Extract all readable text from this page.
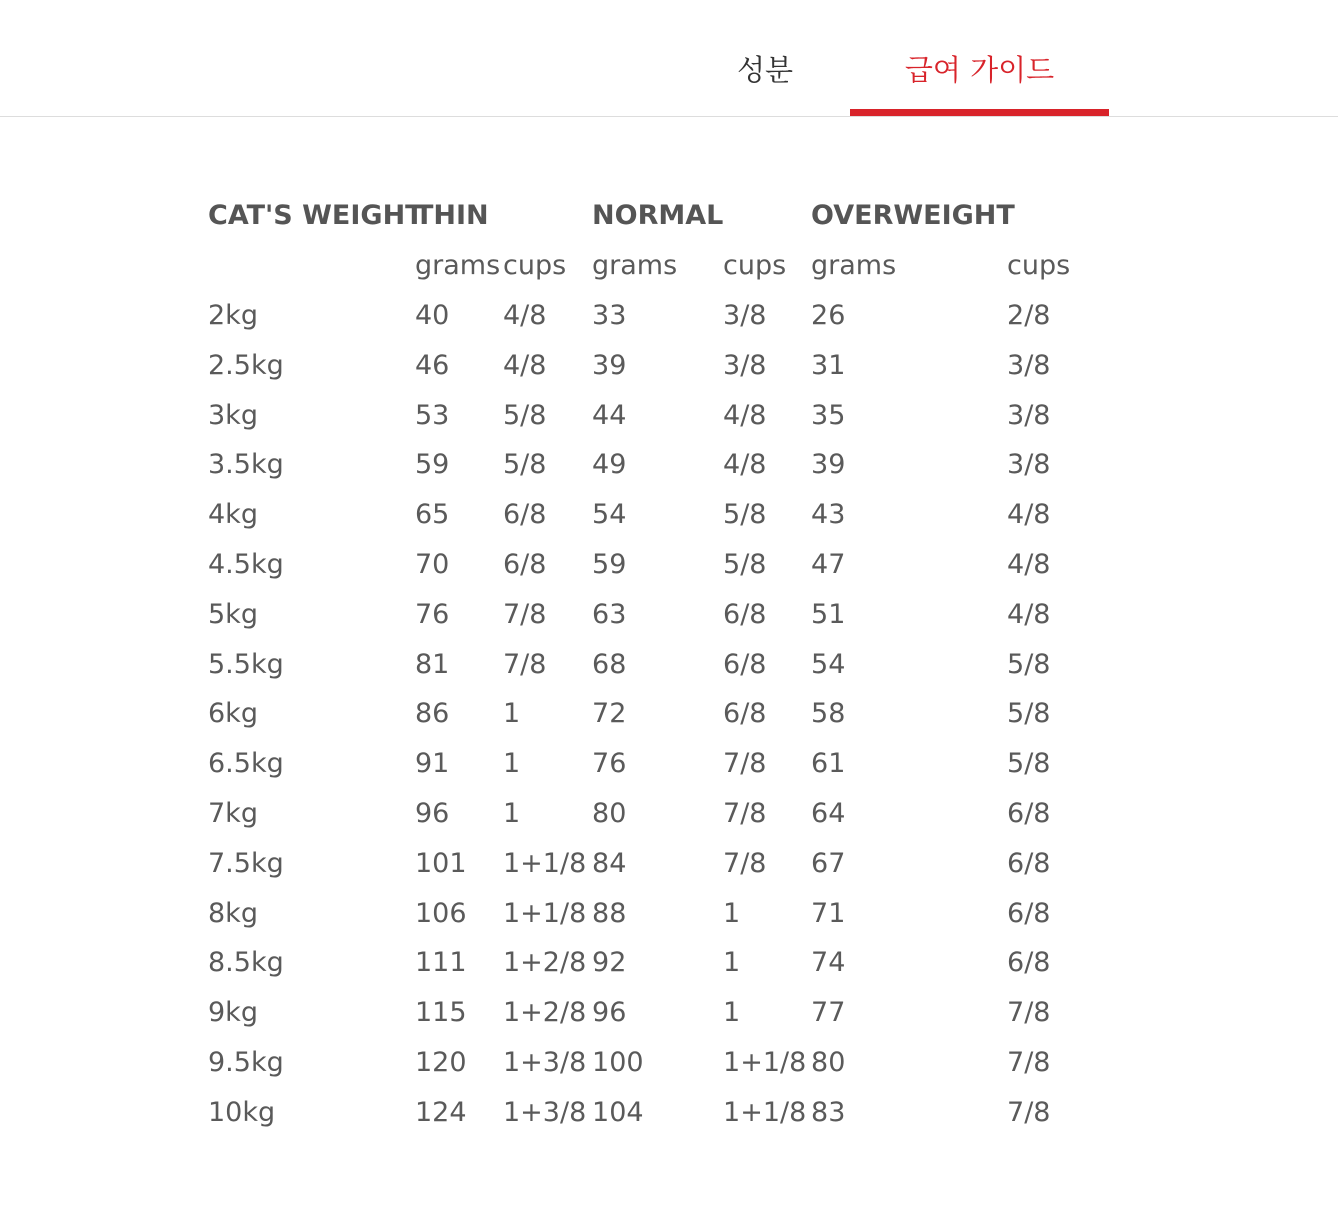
성분	급여 가이드
CAT'S WEIGHT	THIN		NORMAL		OVERWEIGHT	
	grams	cups	grams	cups	grams	cups
2kg	40	4/8	33	3/8	26	2/8
2.5kg	46	4/8	39	3/8	31	3/8
3kg	53	5/8	44	4/8	35	3/8
3.5kg	59	5/8	49	4/8	39	3/8
4kg	65	6/8	54	5/8	43	4/8
4.5kg	70	6/8	59	5/8	47	4/8
5kg	76	7/8	63	6/8	51	4/8
5.5kg	81	7/8	68	6/8	54	5/8
6kg	86	1	72	6/8	58	5/8
6.5kg	91	1	76	7/8	61	5/8
7kg	96	1	80	7/8	64	6/8
7.5kg	101	1+1/8	84	7/8	67	6/8
8kg	106	1+1/8	88	1	71	6/8
8.5kg	111	1+2/8	92	1	74	6/8
9kg	115	1+2/8	96	1	77	7/8
9.5kg	120	1+3/8	100	1+1/8	80	7/8
10kg	124	1+3/8	104	1+1/8	83	7/8
